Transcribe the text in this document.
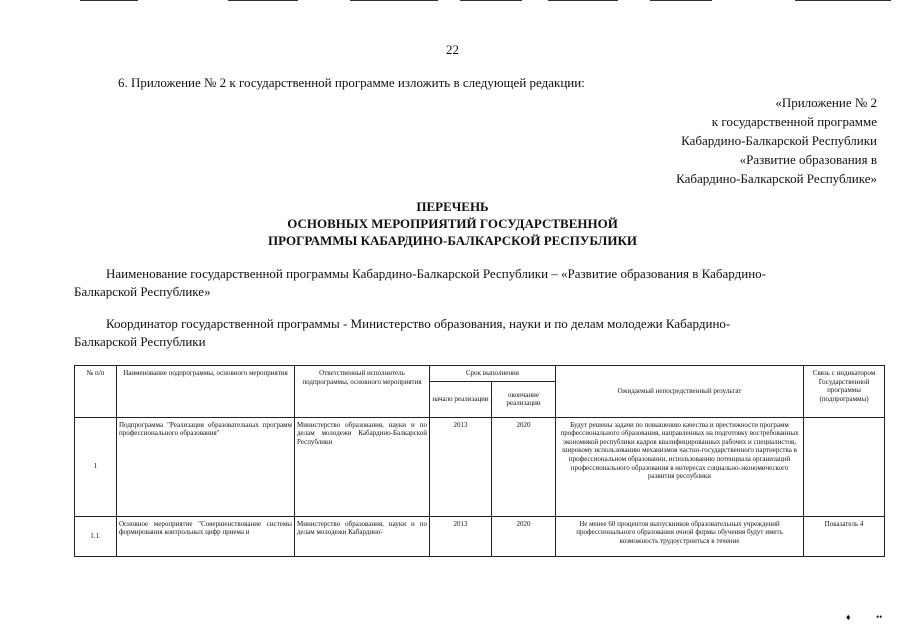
22
6. Приложение № 2 к государственной программе изложить в следующей редакции:
«Приложение № 2
к государственной программе
Кабардино-Балкарской Республики
«Развитие образования в
Кабардино-Балкарской Республике»
ПЕРЕЧЕНЬ
ОСНОВНЫХ МЕРОПРИЯТИЙ ГОСУДАРСТВЕННОЙ
ПРОГРАММЫ КАБАРДИНО-БАЛКАРСКОЙ РЕСПУБЛИКИ
Наименование государственной программы Кабардино-Балкарской Республики – «Развитие образования в Кабардино-
Балкарской Республике»
Координатор государственной программы - Министерство образования, науки и по делам молодежи Кабардино-
Балкарской Республики
№ п/п	Наименование подпрограммы, основного мероприятия	Ответственный исполнитель подпрограммы, основного мероприятия	Срок выполнения		Ожидаемый непосредственный результат	Связь с индикатором Государственной программы (подпрограммы)
			начало реализации	окончание реализации		
1	Подпрограмма "Реализация образовательных программ профессионального образования"	Министерство образования, науки и по делам молодежи Кабардино-Балкарской Республики	2013	2020	Будут решены задачи по повышению качества и престижности программ профессионального образования, направленных на подготовку востребованных экономикой республики кадров квалифицированных рабочих и специалистов, широкому использованию механизмов частно-государственного партнерства в профессиональном образовании, использованию потенциала организаций профессионального образования в интересах социально-экономического развития республики	
1.1.	Основное мероприятие "Совершенствование системы формирования контрольных цифр приема и	Министерство образования, науки и по делам молодежи Кабардино-	2013	2020	Не менее 60 процентов выпускников образовательных учреждений профессионального образования очной формы обучения будут иметь возможность трудоустроиться в течение	Показатель 4
♦	••
